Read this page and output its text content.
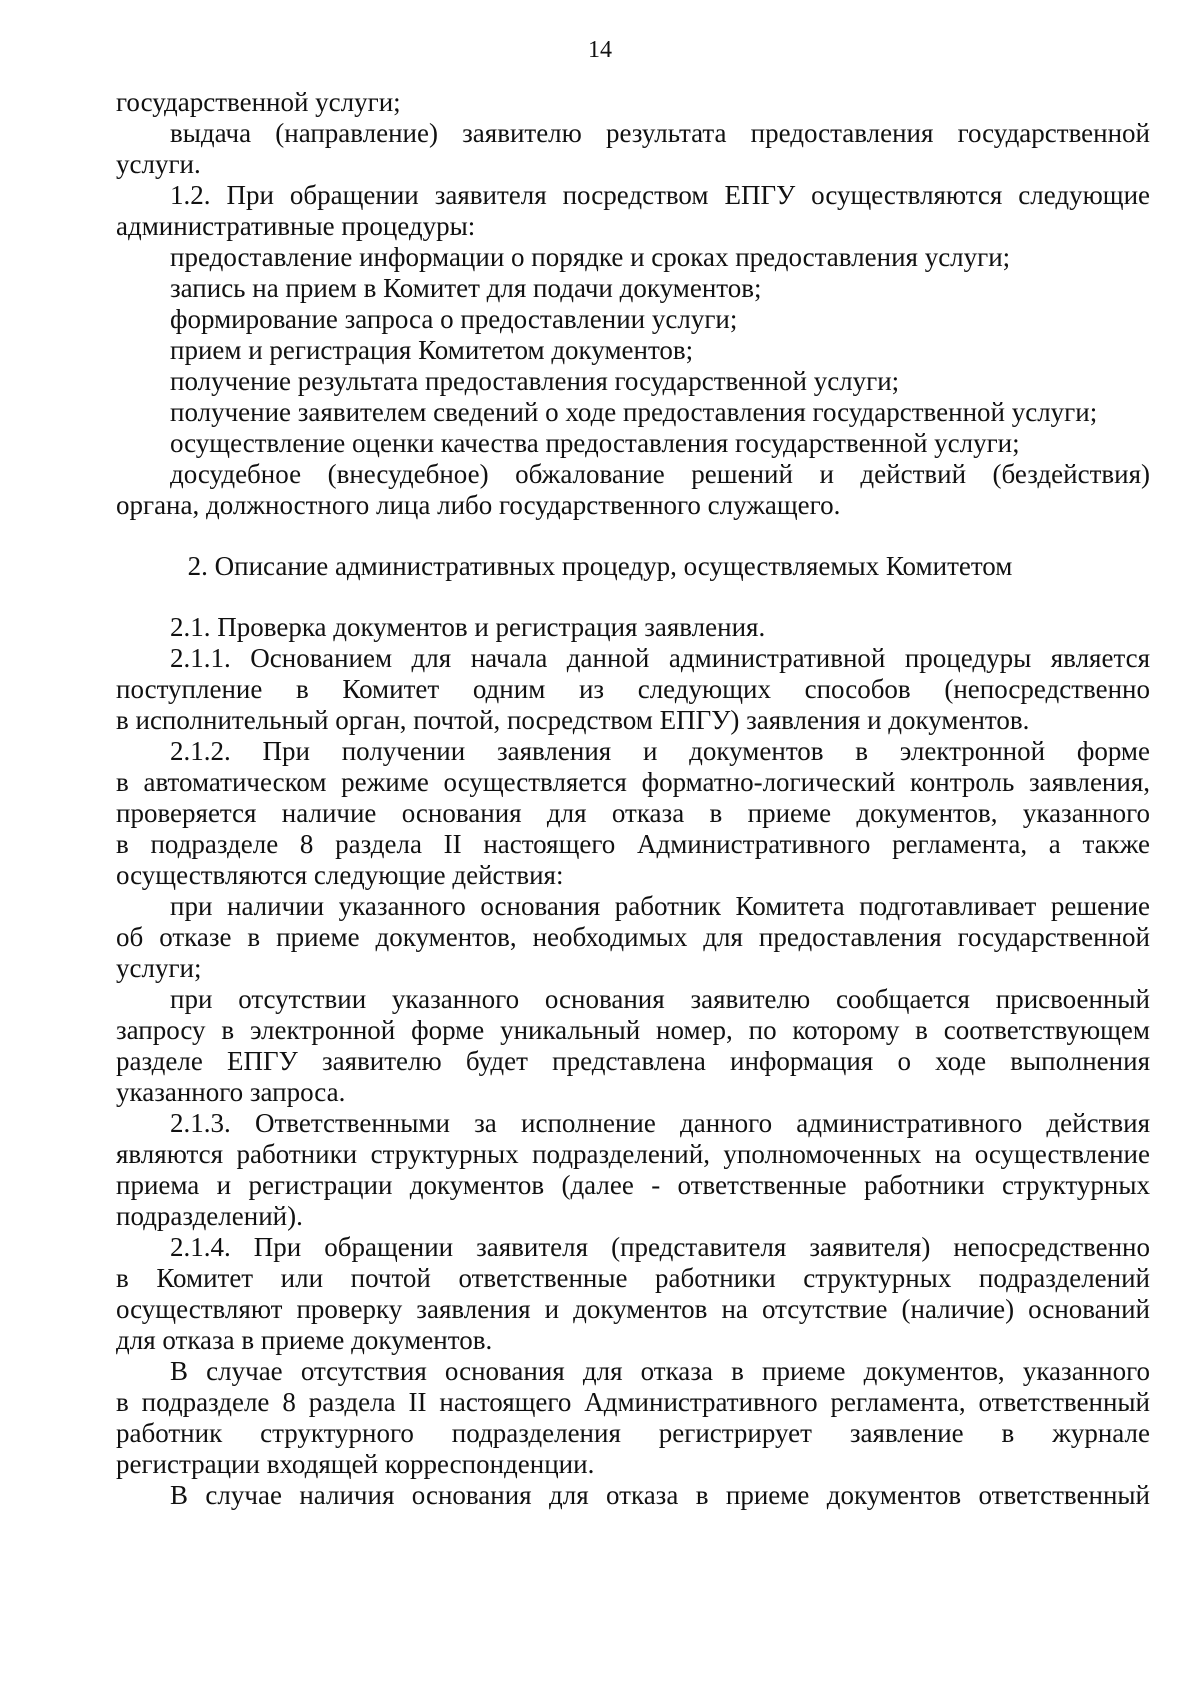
14
государственной услуги;
выдача (направление) заявителю результата предоставления государственной
услуги.
1.2. При обращении заявителя посредством ЕПГУ осуществляются следующие
административные процедуры:
предоставление информации о порядке и сроках предоставления услуги;
запись на прием в Комитет для подачи документов;
формирование запроса о предоставлении услуги;
прием и регистрация Комитетом документов;
получение результата предоставления государственной услуги;
получение заявителем сведений о ходе предоставления государственной услуги;
осуществление оценки качества предоставления государственной услуги;
досудебное (внесудебное) обжалование решений и действий (бездействия)
органа, должностного лица либо государственного служащего.
2. Описание административных процедур, осуществляемых Комитетом
2.1. Проверка документов и регистрация заявления.
2.1.1. Основанием для начала данной административной процедуры является
поступление в Комитет одним из следующих способов (непосредственно
в исполнительный орган, почтой, посредством ЕПГУ) заявления и документов.
2.1.2. При получении заявления и документов в электронной форме
в автоматическом режиме осуществляется форматно-логический контроль заявления,
проверяется наличие основания для отказа в приеме документов, указанного
в подразделе 8 раздела II настоящего Административного регламента, а также
осуществляются следующие действия:
при наличии указанного основания работник Комитета подготавливает решение
об отказе в приеме документов, необходимых для предоставления государственной
услуги;
при отсутствии указанного основания заявителю сообщается присвоенный
запросу в электронной форме уникальный номер, по которому в соответствующем
разделе ЕПГУ заявителю будет представлена информация о ходе выполнения
указанного запроса.
2.1.3. Ответственными за исполнение данного административного действия
являются работники структурных подразделений, уполномоченных на осуществление
приема и регистрации документов (далее - ответственные работники структурных
подразделений).
2.1.4. При обращении заявителя (представителя заявителя) непосредственно
в Комитет или почтой ответственные работники структурных подразделений
осуществляют проверку заявления и документов на отсутствие (наличие) оснований
для отказа в приеме документов.
В случае отсутствия основания для отказа в приеме документов, указанного
в подразделе 8 раздела II настоящего Административного регламента, ответственный
работник структурного подразделения регистрирует заявление в журнале
регистрации входящей корреспонденции.
В случае наличия основания для отказа в приеме документов ответственный
